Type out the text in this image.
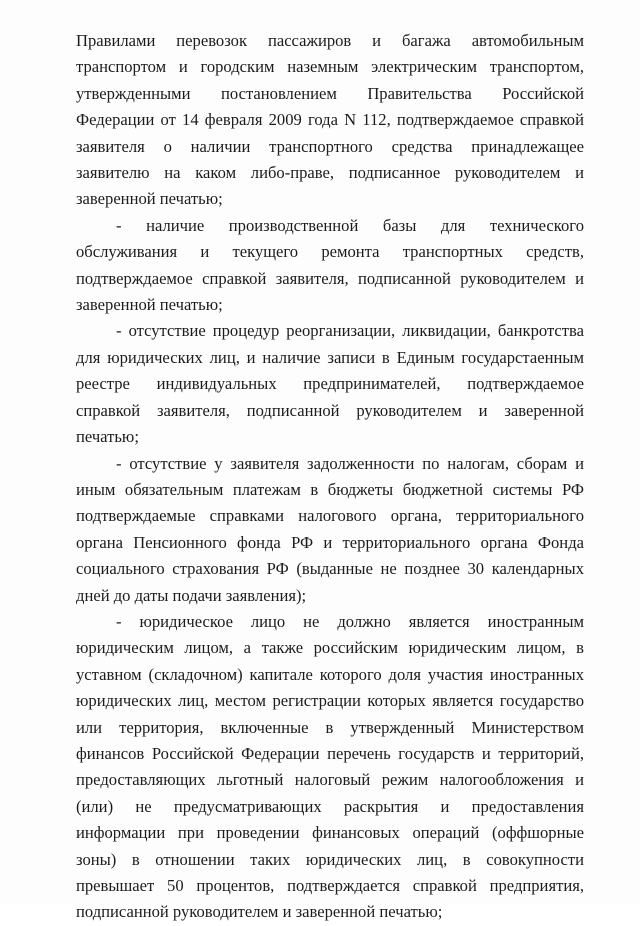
Правилами перевозок пассажиров и багажа автомобильным транспортом и городским наземным электрическим транспортом, утвержденными постановлением Правительства Российской Федерации от 14 февраля 2009 года N 112, подтверждаемое справкой заявителя о наличии транспортного средства принадлежащее заявителю на каком либо-праве, подписанное руководителем и заверенной печатью;

- наличие производственной базы для технического обслуживания и текущего ремонта транспортных средств, подтверждаемое справкой заявителя, подписанной руководителем и заверенной печатью;

- отсутствие процедур реорганизации, ликвидации, банкротства для юридических лиц, и наличие записи в Единым государстаенным реестре индивидуальных предпринимателей, подтверждаемое справкой заявителя, подписанной руководителем и заверенной печатью;

- отсутствие у заявителя задолженности по налогам, сборам и иным обязательным платежам в бюджеты бюджетной системы РФ подтверждаемые справками налогового органа, территориального органа Пенсионного фонда РФ и территориального органа Фонда социального страхования РФ (выданные не позднее 30 календарных дней до даты подачи заявления);

- юридическое лицо не должно является иностранным юридическим лицом, а также российским юридическим лицом, в уставном (складочном) капитале которого доля участия иностранных юридических лиц, местом регистрации которых является государство или территория, включенные в утвержденный Министерством финансов Российской Федерации перечень государств и территорий, предоставляющих льготный налоговый режим налогообложения и (или) не предусматривающих раскрытия и предоставления информации при проведении финансовых операций (оффшорные зоны) в отношении таких юридических лиц, в совокупности превышает 50 процентов, подтверждается справкой предприятия, подписанной руководителем и заверенной печатью;
